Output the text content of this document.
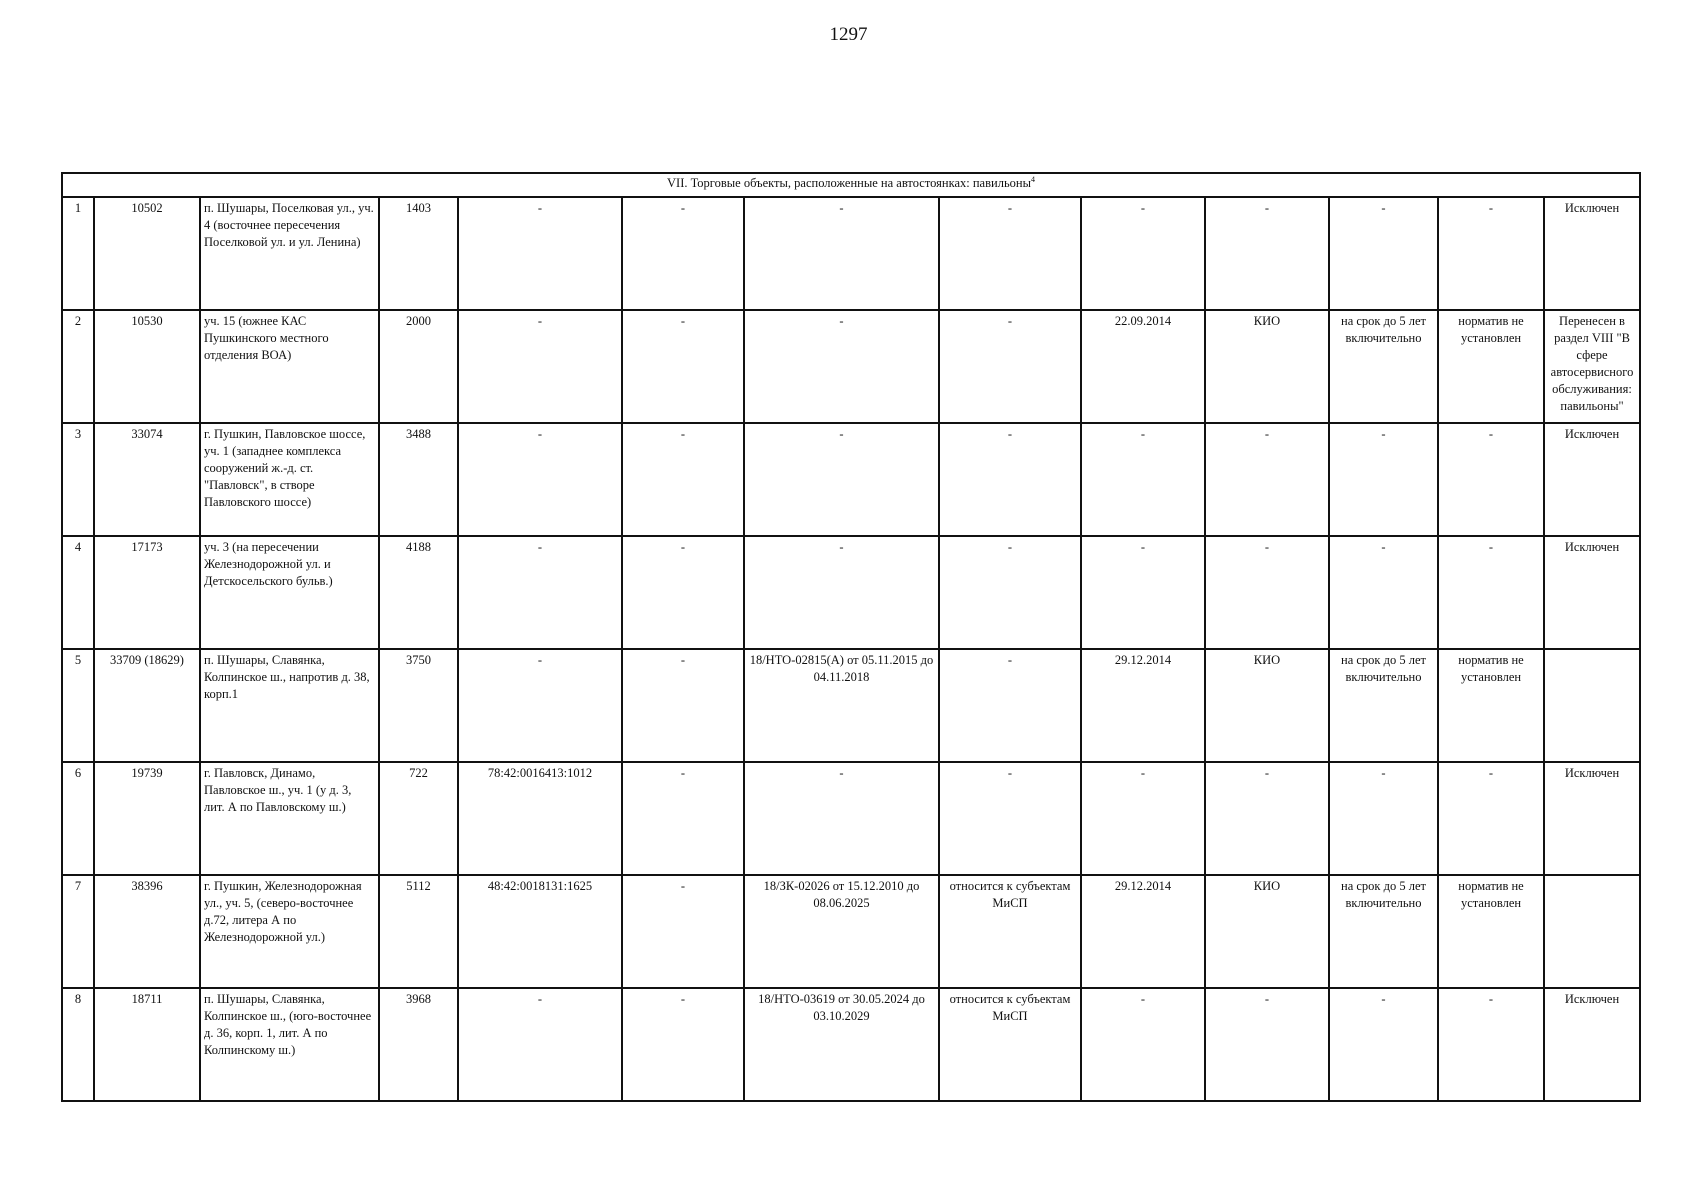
1297
VII. Торговые объекты, расположенные на автостоянках: павильоны$^4$
1	10502	п. Шушары, Поселковая ул., уч. 4 (восточнее пересечения Поселковой ул. и ул. Ленина)	1403	-	-	-	-	-	-	-	-	Исключен
2	10530	уч. 15 (южнее КАС Пушкинского местного отделения ВОА)	2000	-	-	-	-	22.09.2014	КИО	на срок до 5 лет включительно	норматив не установлен	Перенесен в раздел VIII "В сфере автосервисного обслуживания: павильоны"
3	33074	г. Пушкин, Павловское шоссе, уч. 1 (западнее комплекса сооружений ж.-д. ст. "Павловск", в створе Павловского шоссе)	3488	-	-	-	-	-	-	-	-	Исключен
4	17173	уч. 3 (на пересечении Железнодорожной ул. и Детскосельского бульв.)	4188	-	-	-	-	-	-	-	-	Исключен
5	33709 (18629)	п. Шушары, Славянка, Колпинское ш., напротив д. 38, корп.1	3750	-	-	18/НТО-02815(А) от 05.11.2015 до 04.11.2018	-	29.12.2014	КИО	на срок до 5 лет включительно	норматив не установлен	
6	19739	г. Павловск, Динамо, Павловское ш., уч. 1 (у д. 3, лит. А по Павловскому ш.)	722	78:42:0016413:1012	-	-	-	-	-	-	-	Исключен
7	38396	г. Пушкин, Железнодорожная ул., уч. 5, (северо-восточнее д.72, литера А по Железнодорожной ул.)	5112	48:42:0018131:1625	-	18/ЗК-02026 от 15.12.2010 до 08.06.2025	относится к субъектам МиСП	29.12.2014	КИО	на срок до 5 лет включительно	норматив не установлен	
8	18711	п. Шушары, Славянка, Колпинское ш., (юго-восточнее д. 36, корп. 1, лит. А по Колпинскому ш.)	3968	-	-	18/НТО-03619 от 30.05.2024 до 03.10.2029	относится к субъектам МиСП	-	-	-	-	Исключен
